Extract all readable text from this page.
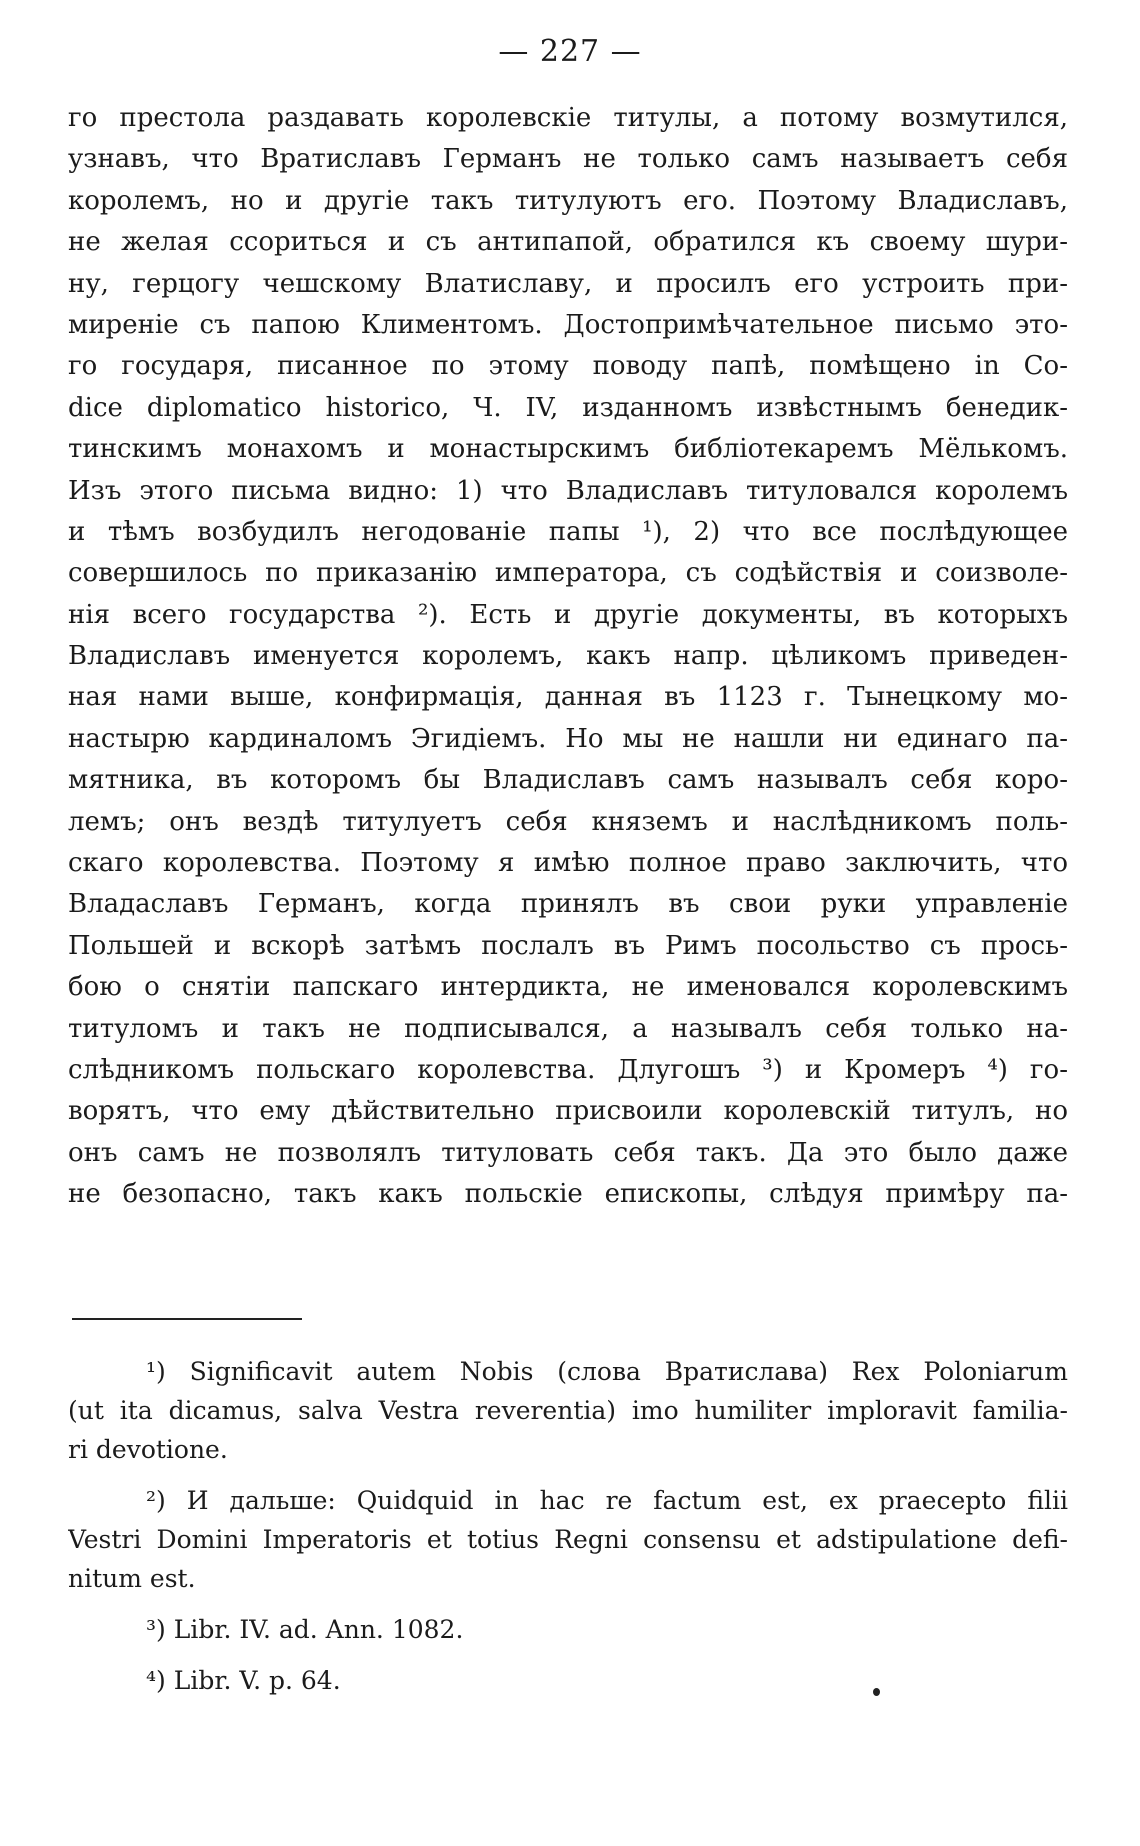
— 227 —
го престола раздавать королевскіе титулы, а потому возмутился,
узнавъ, что Вратиславъ Германъ не только самъ называетъ себя
королемъ, но и другіе такъ титулуютъ его. Поэтому Владиславъ,
не желая ссориться и съ антипапой, обратился къ своему шури-
ну, герцогу чешскому Влатиславу, и просилъ его устроить при-
миреніе съ папою Климентомъ. Достопримѣчательное письмо это-
го государя, писанное по этому поводу папѣ, помѣщено in Co-
dice diplomatico historico, Ч. IV, изданномъ извѣстнымъ бенедик-
тинскимъ монахомъ и монастырскимъ библіотекаремъ Мёлькомъ.
Изъ этого письма видно: 1) что Владиславъ титуловался королемъ
и тѣмъ возбудилъ негодованіе папы ¹), 2) что все послѣдующее
совершилось по приказанію императора, съ содѣйствія и соизволе-
нія всего государства ²). Есть и другіе документы, въ которыхъ
Владиславъ именуется королемъ, какъ напр. цѣликомъ приведен-
ная нами выше, конфирмація, данная въ 1123 г. Тынецкому мо-
настырю кардиналомъ Эгидіемъ. Но мы не нашли ни единаго па-
мятника, въ которомъ бы Владиславъ самъ называлъ себя коро-
лемъ; онъ вездѣ титулуетъ себя княземъ и наслѣдникомъ поль-
скаго королевства. Поэтому я имѣю полное право заключить, что
Владаславъ Германъ, когда принялъ въ свои руки управленіе
Польшей и вскорѣ затѣмъ послалъ въ Римъ посольство съ прось-
бою о снятіи папскаго интердикта, не именовался королевскимъ
титуломъ и такъ не подписывался, а называлъ себя только на-
слѣдникомъ польскаго королевства. Длугошъ ³) и Кромеръ ⁴) го-
ворятъ, что ему дѣйствительно присвоили королевскій титулъ, но
онъ самъ не позволялъ титуловать себя такъ. Да это было даже
не безопасно, такъ какъ польскіе епископы, слѣдуя примѣру па-
¹) Significavit autem Nobis (слова Вратислава) Rex Poloniarum
(ut ita dicamus, salva Vestra reverentia) imo humiliter imploravit familia-
ri devotione.
²) И дальше: Quidquid in hac re factum est, ex praecepto filii
Vestri Domini Imperatoris et totius Regni consensu et adstipulatione defi-
nitum est.
³) Libr. IV. ad. Ann. 1082.
⁴) Libr. V. p. 64.
